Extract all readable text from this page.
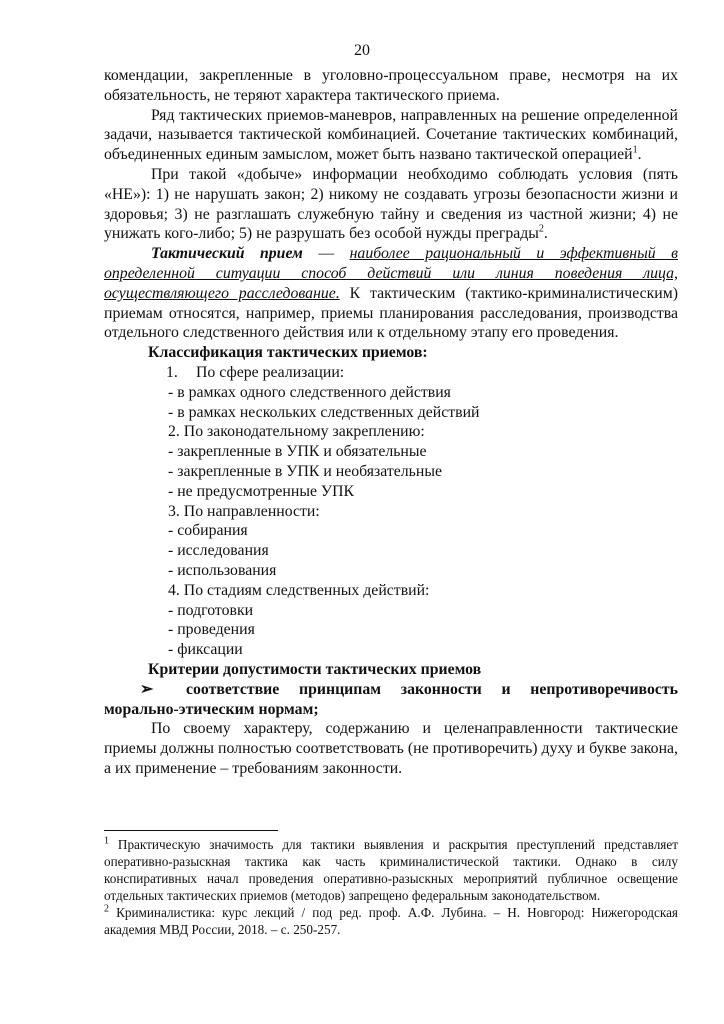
20

комендации, закрепленные в уголовно-процессуальном праве, несмотря на их обязательность, не теряют характера тактического приема.

Ряд тактических приемов-маневров, направленных на решение определенной задачи, называется тактической комбинацией. Сочетание тактических комбинаций, объединенных единым замыслом, может быть названо тактической операцией$^1$.

При такой «добыче» информации необходимо соблюдать условия (пять «НЕ»): 1) не нарушать закон; 2) никому не создавать угрозы безопасности жизни и здоровья; 3) не разглашать служебную тайну и сведения из частной жизни; 4) не унижать кого-либо; 5) не разрушать без особой нужды преграды$^2$.

Тактический прием — наиболее рациональный и эффективный в определенной ситуации способ действий или линия поведения лица, осуществляющего расследование. К тактическим (тактико-криминалистическим) приемам относятся, например, приемы планирования расследования, производства отдельного следственного действия или к отдельному этапу его проведения.

Классификация тактических приемов:

1. По сфере реализации:

- в рамках одного следственного действия

- в рамках нескольких следственных действий

2. По законодательному закреплению:

- закрепленные в УПК и обязательные

- закрепленные в УПК и необязательные

- не предусмотренные УПК

3. По направленности:

- собирания

- исследования

- использования

4. По стадиям следственных действий:

- подготовки

- проведения

- фиксации

Критерии допустимости тактических приемов

➢ соответствие принципам законности и непротиворечивость морально-этическим нормам;

По своему характеру, содержанию и целенаправленности тактические приемы должны полностью соответствовать (не противоречить) духу и букве закона, а их применение – требованиям законности.

$^1$ Практическую значимость для тактики выявления и раскрытия преступлений представляет оперативно-разыскная тактика как часть криминалистической тактики. Однако в силу конспиративных начал проведения оперативно-разыскных мероприятий публичное освещение отдельных тактических приемов (методов) запрещено федеральным законодательством.

$^2$ Криминалистика: курс лекций / под ред. проф. А.Ф. Лубина. – Н. Новгород: Нижегородская академия МВД России, 2018. – с. 250-257.
